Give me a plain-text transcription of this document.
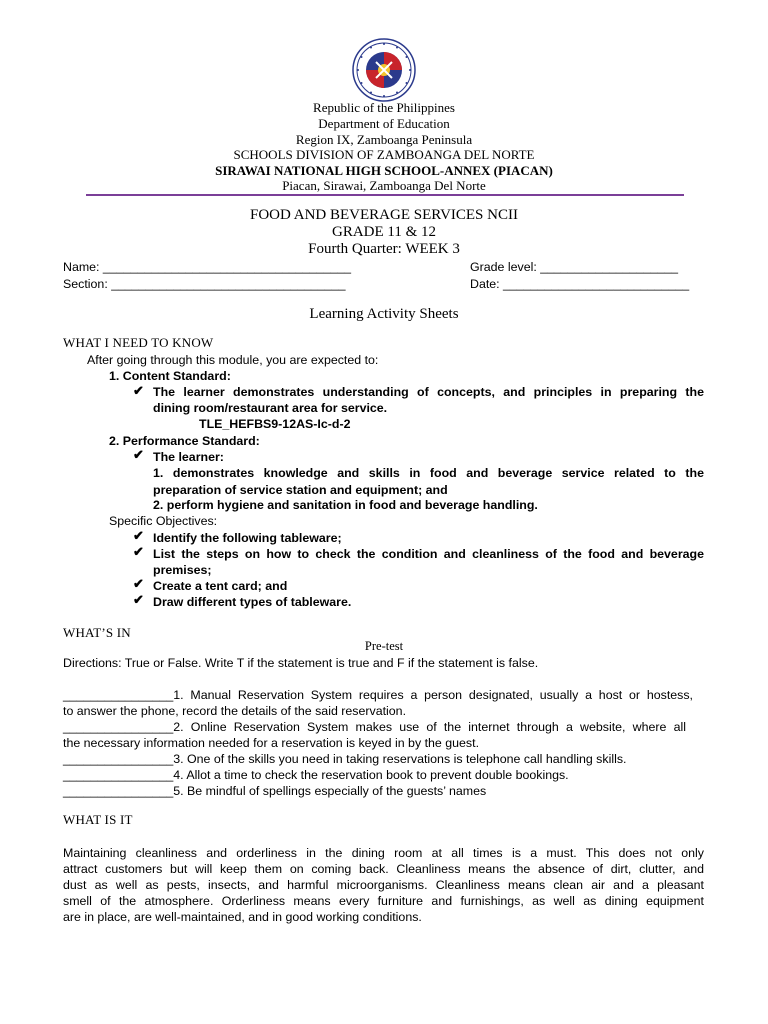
Republic of the Philippines
Department of Education
Region IX, Zamboanga Peninsula
SCHOOLS DIVISION OF ZAMBOANGA DEL NORTE
SIRAWAI NATIONAL HIGH SCHOOL-ANNEX (PIACAN)
Piacan, Sirawai, Zamboanga Del Norte
FOOD AND BEVERAGE SERVICES NCII
GRADE 11 & 12
Fourth Quarter: WEEK 3
Name: ____________________________________	Grade level: ____________________
Section: __________________________________	Date: ___________________________
Learning Activity Sheets
WHAT I NEED TO KNOW
After going through this module, you are expected to:
1. Content Standard:
✔ The learner demonstrates understanding of concepts, and principles in preparing the
dining room/restaurant area for service.
TLE_HEFBS9-12AS-Ic-d-2
2. Performance Standard:
✔ The learner:
1. demonstrates knowledge and skills in food and beverage service related to the
preparation of service station and equipment; and
2. perform hygiene and sanitation in food and beverage handling.
Specific Objectives:
✔ Identify the following tableware;
✔ List the steps on how to check the condition and cleanliness of the food and beverage
premises;
✔ Create a tent card; and
✔ Draw different types of tableware.
WHAT’S IN
Pre-test
Directions: True or False. Write T if the statement is true and F if the statement is false.
________________1. Manual Reservation System requires a person designated, usually a host or hostess,
to answer the phone, record the details of the said reservation.
________________2. Online Reservation System makes use of the internet through a website, where all
the necessary information needed for a reservation is keyed in by the guest.
________________3. One of the skills you need in taking reservations is telephone call handling skills.
________________4. Allot a time to check the reservation book to prevent double bookings.
________________5. Be mindful of spellings especially of the guests’ names
WHAT IS IT
Maintaining cleanliness and orderliness in the dining room at all times is a must. This does not only
attract customers but will keep them on coming back. Cleanliness means the absence of dirt, clutter, and
dust as well as pests, insects, and harmful microorganisms. Cleanliness means clean air and a pleasant
smell of the atmosphere. Orderliness means every furniture and furnishings, as well as dining equipment
are in place, are well-maintained, and in good working conditions.
